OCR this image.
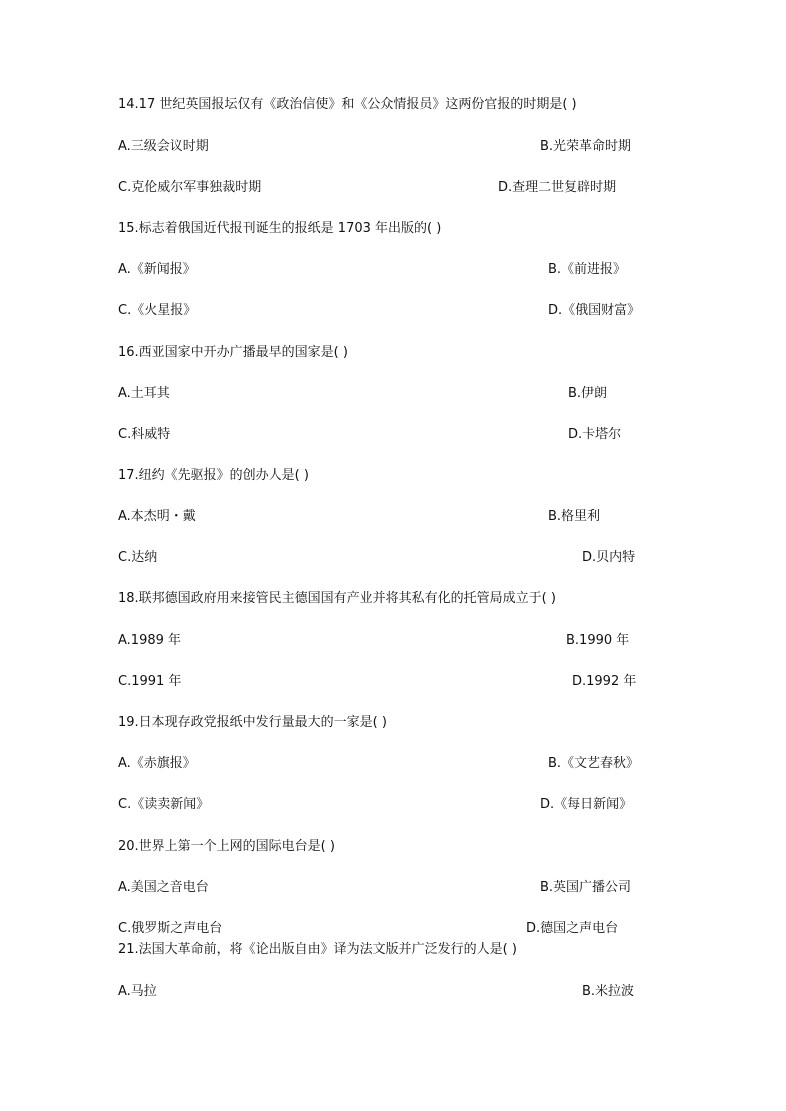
14.17 世纪英国报坛仅有《政治信使》和《公众情报员》这两份官报的时期是( )
A.三级会议时期	B.光荣革命时期
C.克伦威尔军事独裁时期	D.查理二世复辟时期
15.标志着俄国近代报刊诞生的报纸是 1703 年出版的( )
A.《新闻报》	B.《前进报》
C.《火星报》	D.《俄国财富》
16.西亚国家中开办广播最早的国家是( )
A.土耳其	B.伊朗
C.科威特	D.卡塔尔
17.纽约《先驱报》的创办人是( )
A.本杰明・戴	B.格里利
C.达纳	D.贝内特
18.联邦德国政府用来接管民主德国国有产业并将其私有化的托管局成立于( )
A.1989 年	B.1990 年
C.1991 年	D.1992 年
19.日本现存政党报纸中发行量最大的一家是( )
A.《赤旗报》	B.《文艺春秋》
C.《读卖新闻》	D.《每日新闻》
20.世界上第一个上网的国际电台是( )
A.美国之音电台	B.英国广播公司
C.俄罗斯之声电台	D.德国之声电台
21.法国大革命前，将《论出版自由》译为法文版并广泛发行的人是( )
A.马拉	B.米拉波
